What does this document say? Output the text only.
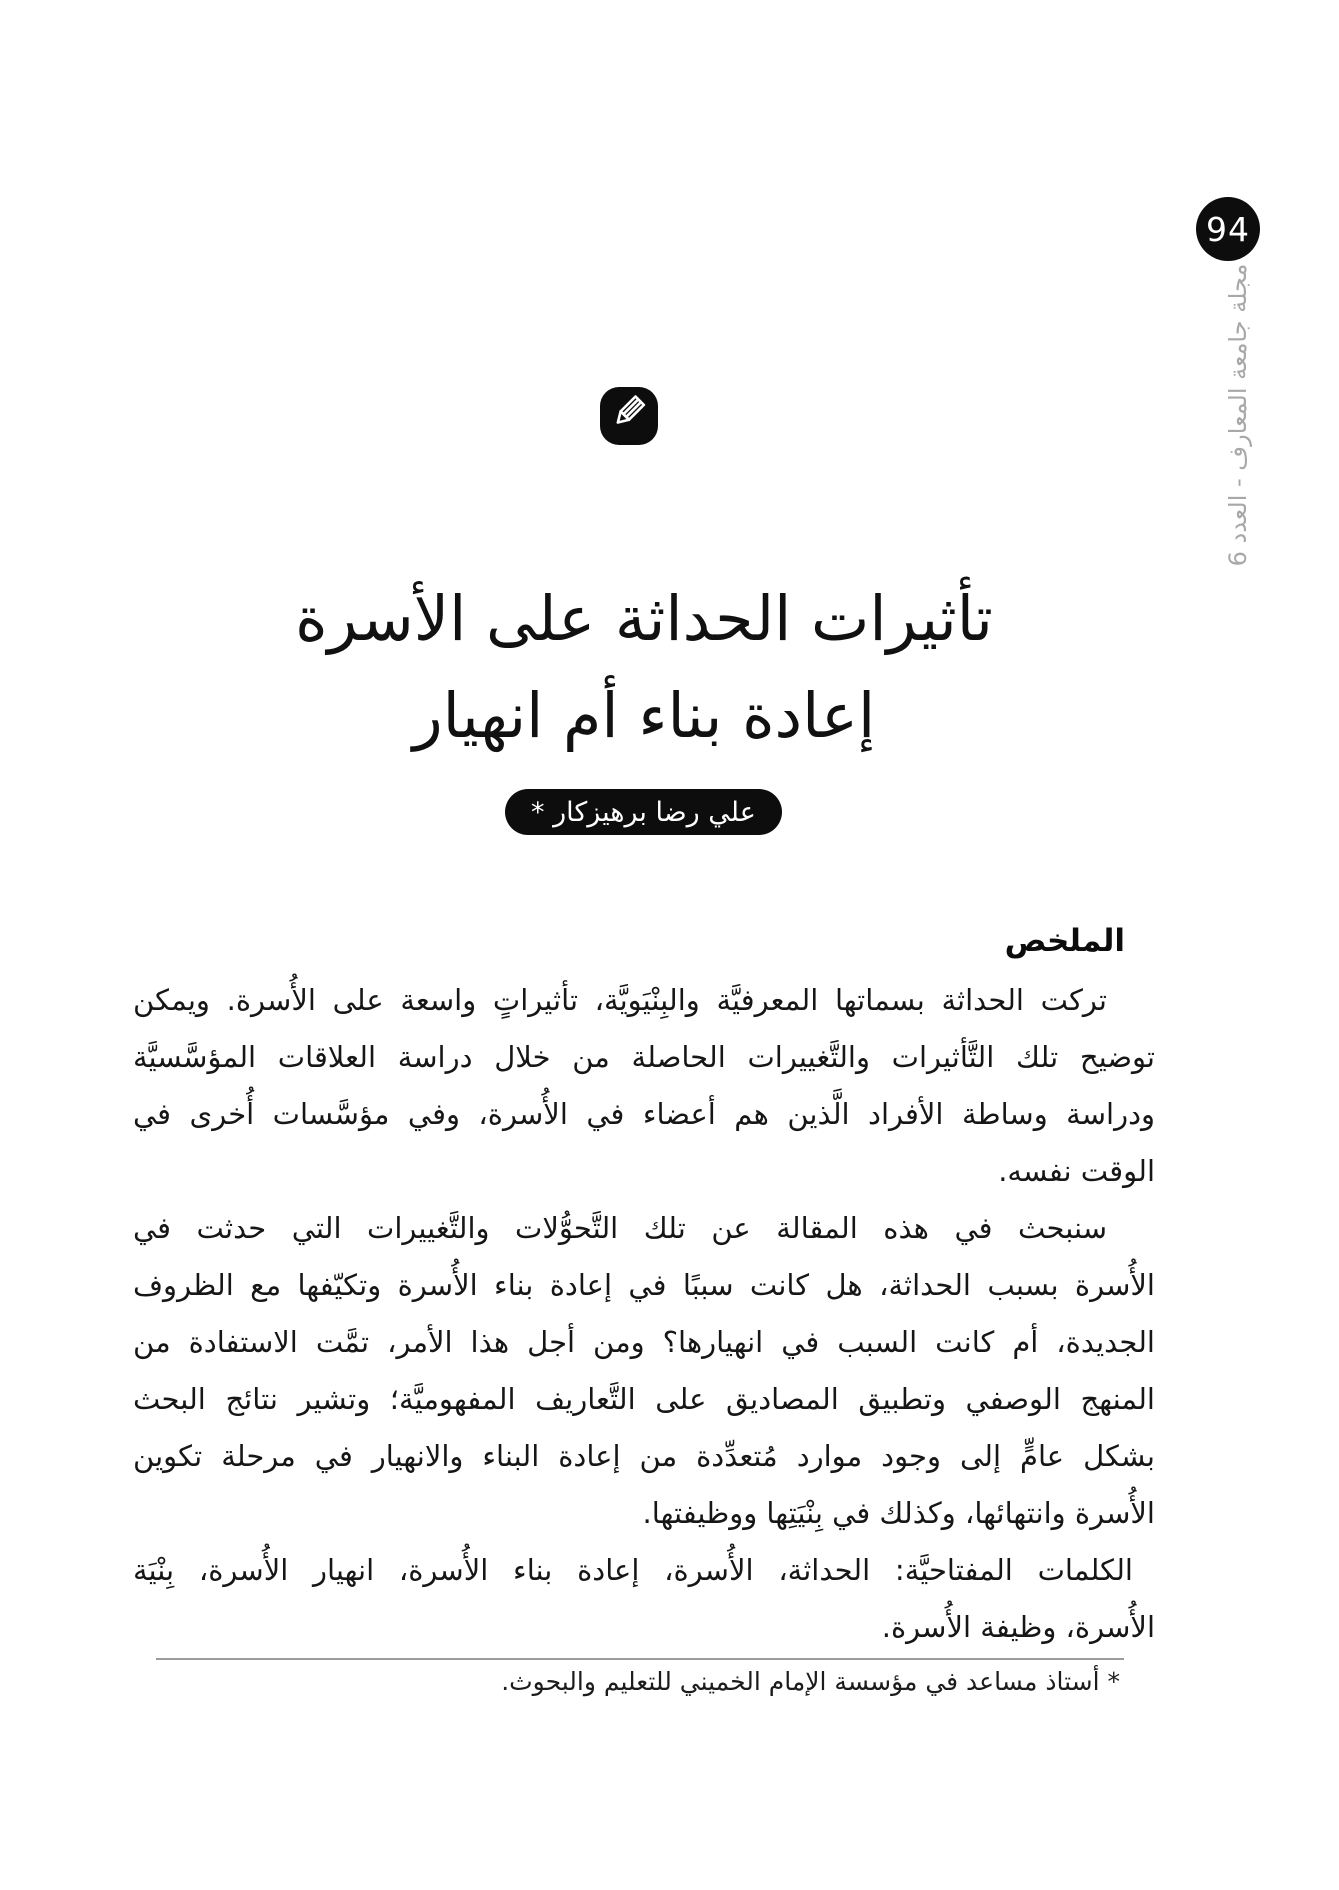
94
مجلة جامعة المعارف - العدد 6
تأثيرات الحداثة على الأسرة
إعادة بناء أم انهيار
علي رضا برهيزكار *
الملخص
تركت الحداثة بسماتها المعرفيَّة والبِنْيَويَّة، تأثيراتٍ واسعة على الأُسرة. ويمكن
توضيح تلك التَّأثيرات والتَّغييرات الحاصلة من خلال دراسة العلاقات المؤسَّسيَّة
ودراسة وساطة الأفراد الَّذين هم أعضاء في الأُسرة، وفي مؤسَّسات أُخرى في
الوقت نفسه.
سنبحث في هذه المقالة عن تلك التَّحوُّلات والتَّغييرات التي حدثت في
الأُسرة بسبب الحداثة، هل كانت سببًا في إعادة بناء الأُسرة وتكيّفها مع الظروف
الجديدة، أم كانت السبب في انهيارها؟ ومن أجل هذا الأمر، تمَّت الاستفادة من
المنهج الوصفي وتطبيق المصاديق على التَّعاريف المفهوميَّة؛ وتشير نتائج البحث
بشكل عامٍّ إلى وجود موارد مُتعدِّدة من إعادة البناء والانهيار في مرحلة تكوين
الأُسرة وانتهائها، وكذلك في بِنْيَتِها ووظيفتها.
الكلمات المفتاحيَّة: الحداثة، الأُسرة، إعادة بناء الأُسرة، انهيار الأُسرة، بِنْيَة
الأُسرة، وظيفة الأُسرة.
* أستاذ مساعد في مؤسسة الإمام الخميني للتعليم والبحوث.
